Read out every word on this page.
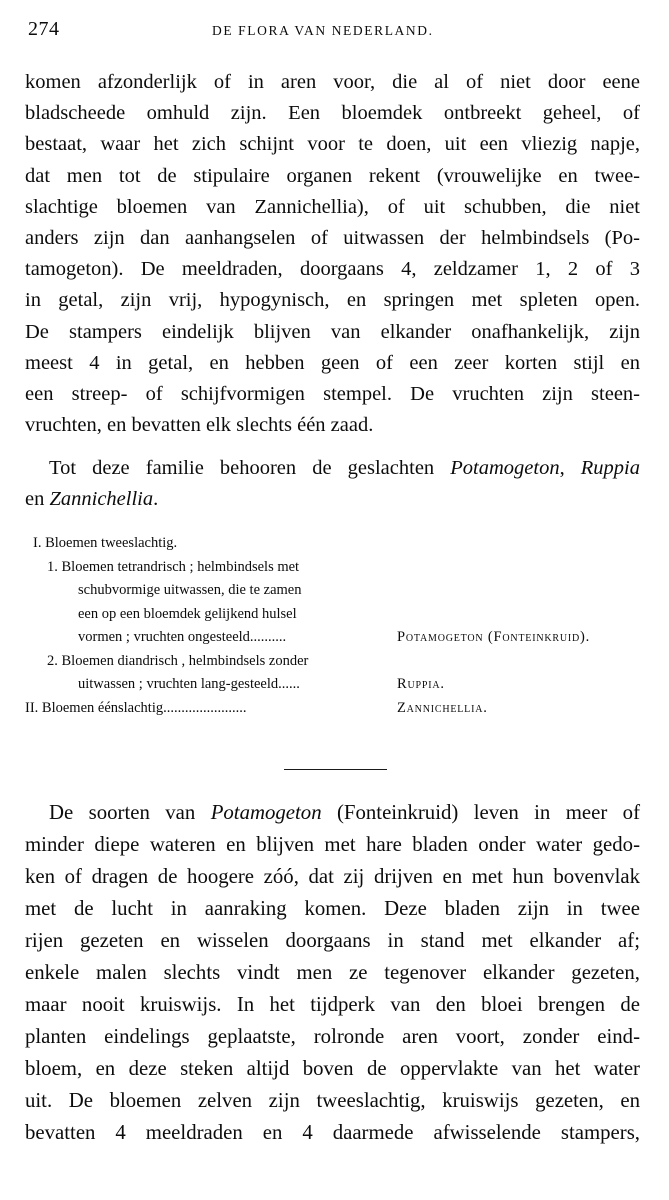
274	DE FLORA VAN NEDERLAND.
komen afzonderlijk of in aren voor, die al of niet door eene
bladscheede omhuld zijn. Een bloemdek ontbreekt geheel, of
bestaat, waar het zich schijnt voor te doen, uit een vliezig napje,
dat men tot de stipulaire organen rekent (vrouwelijke en twee-
slachtige bloemen van Zannichellia), of uit schubben, die niet
anders zijn dan aanhangselen of uitwassen der helmbindsels (Po-
tamogeton). De meeldraden, doorgaans 4, zeldzamer 1, 2 of 3
in getal, zijn vrij, hypogynisch, en springen met spleten open.
De stampers eindelijk blijven van elkander onafhankelijk, zijn
meest 4 in getal, en hebben geen of een zeer korten stijl en
een streep- of schijfvormigen stempel. De vruchten zijn steen-
vruchten, en bevatten elk slechts één zaad.
Tot deze familie behooren de geslachten Potamogeton, Ruppia
en Zannichellia.
I. Bloemen tweeslachtig.
1. Bloemen tetrandrisch ; helmbindsels met
schubvormige uitwassen, die te zamen
een op een bloemdek gelijkend hulsel
vormen ; vruchten ongesteeld..........	Potamogeton (Fonteinkruid).
2. Bloemen diandrisch , helmbindsels zonder
uitwassen ; vruchten lang-gesteeld......	Ruppia.
II. Bloemen éénslachtig.......................	Zannichellia.
De soorten van Potamogeton (Fonteinkruid) leven in meer of
minder diepe wateren en blijven met hare bladen onder water gedo-
ken of dragen de hoogere zóó, dat zij drijven en met hun bovenvlak
met de lucht in aanraking komen. Deze bladen zijn in twee
rijen gezeten en wisselen doorgaans in stand met elkander af;
enkele malen slechts vindt men ze tegenover elkander gezeten,
maar nooit kruiswijs. In het tijdperk van den bloei brengen de
planten eindelings geplaatste, rolronde aren voort, zonder eind-
bloem, en deze steken altijd boven de oppervlakte van het water
uit. De bloemen zelven zijn tweeslachtig, kruiswijs gezeten, en
bevatten 4 meeldraden en 4 daarmede afwisselende stampers,
